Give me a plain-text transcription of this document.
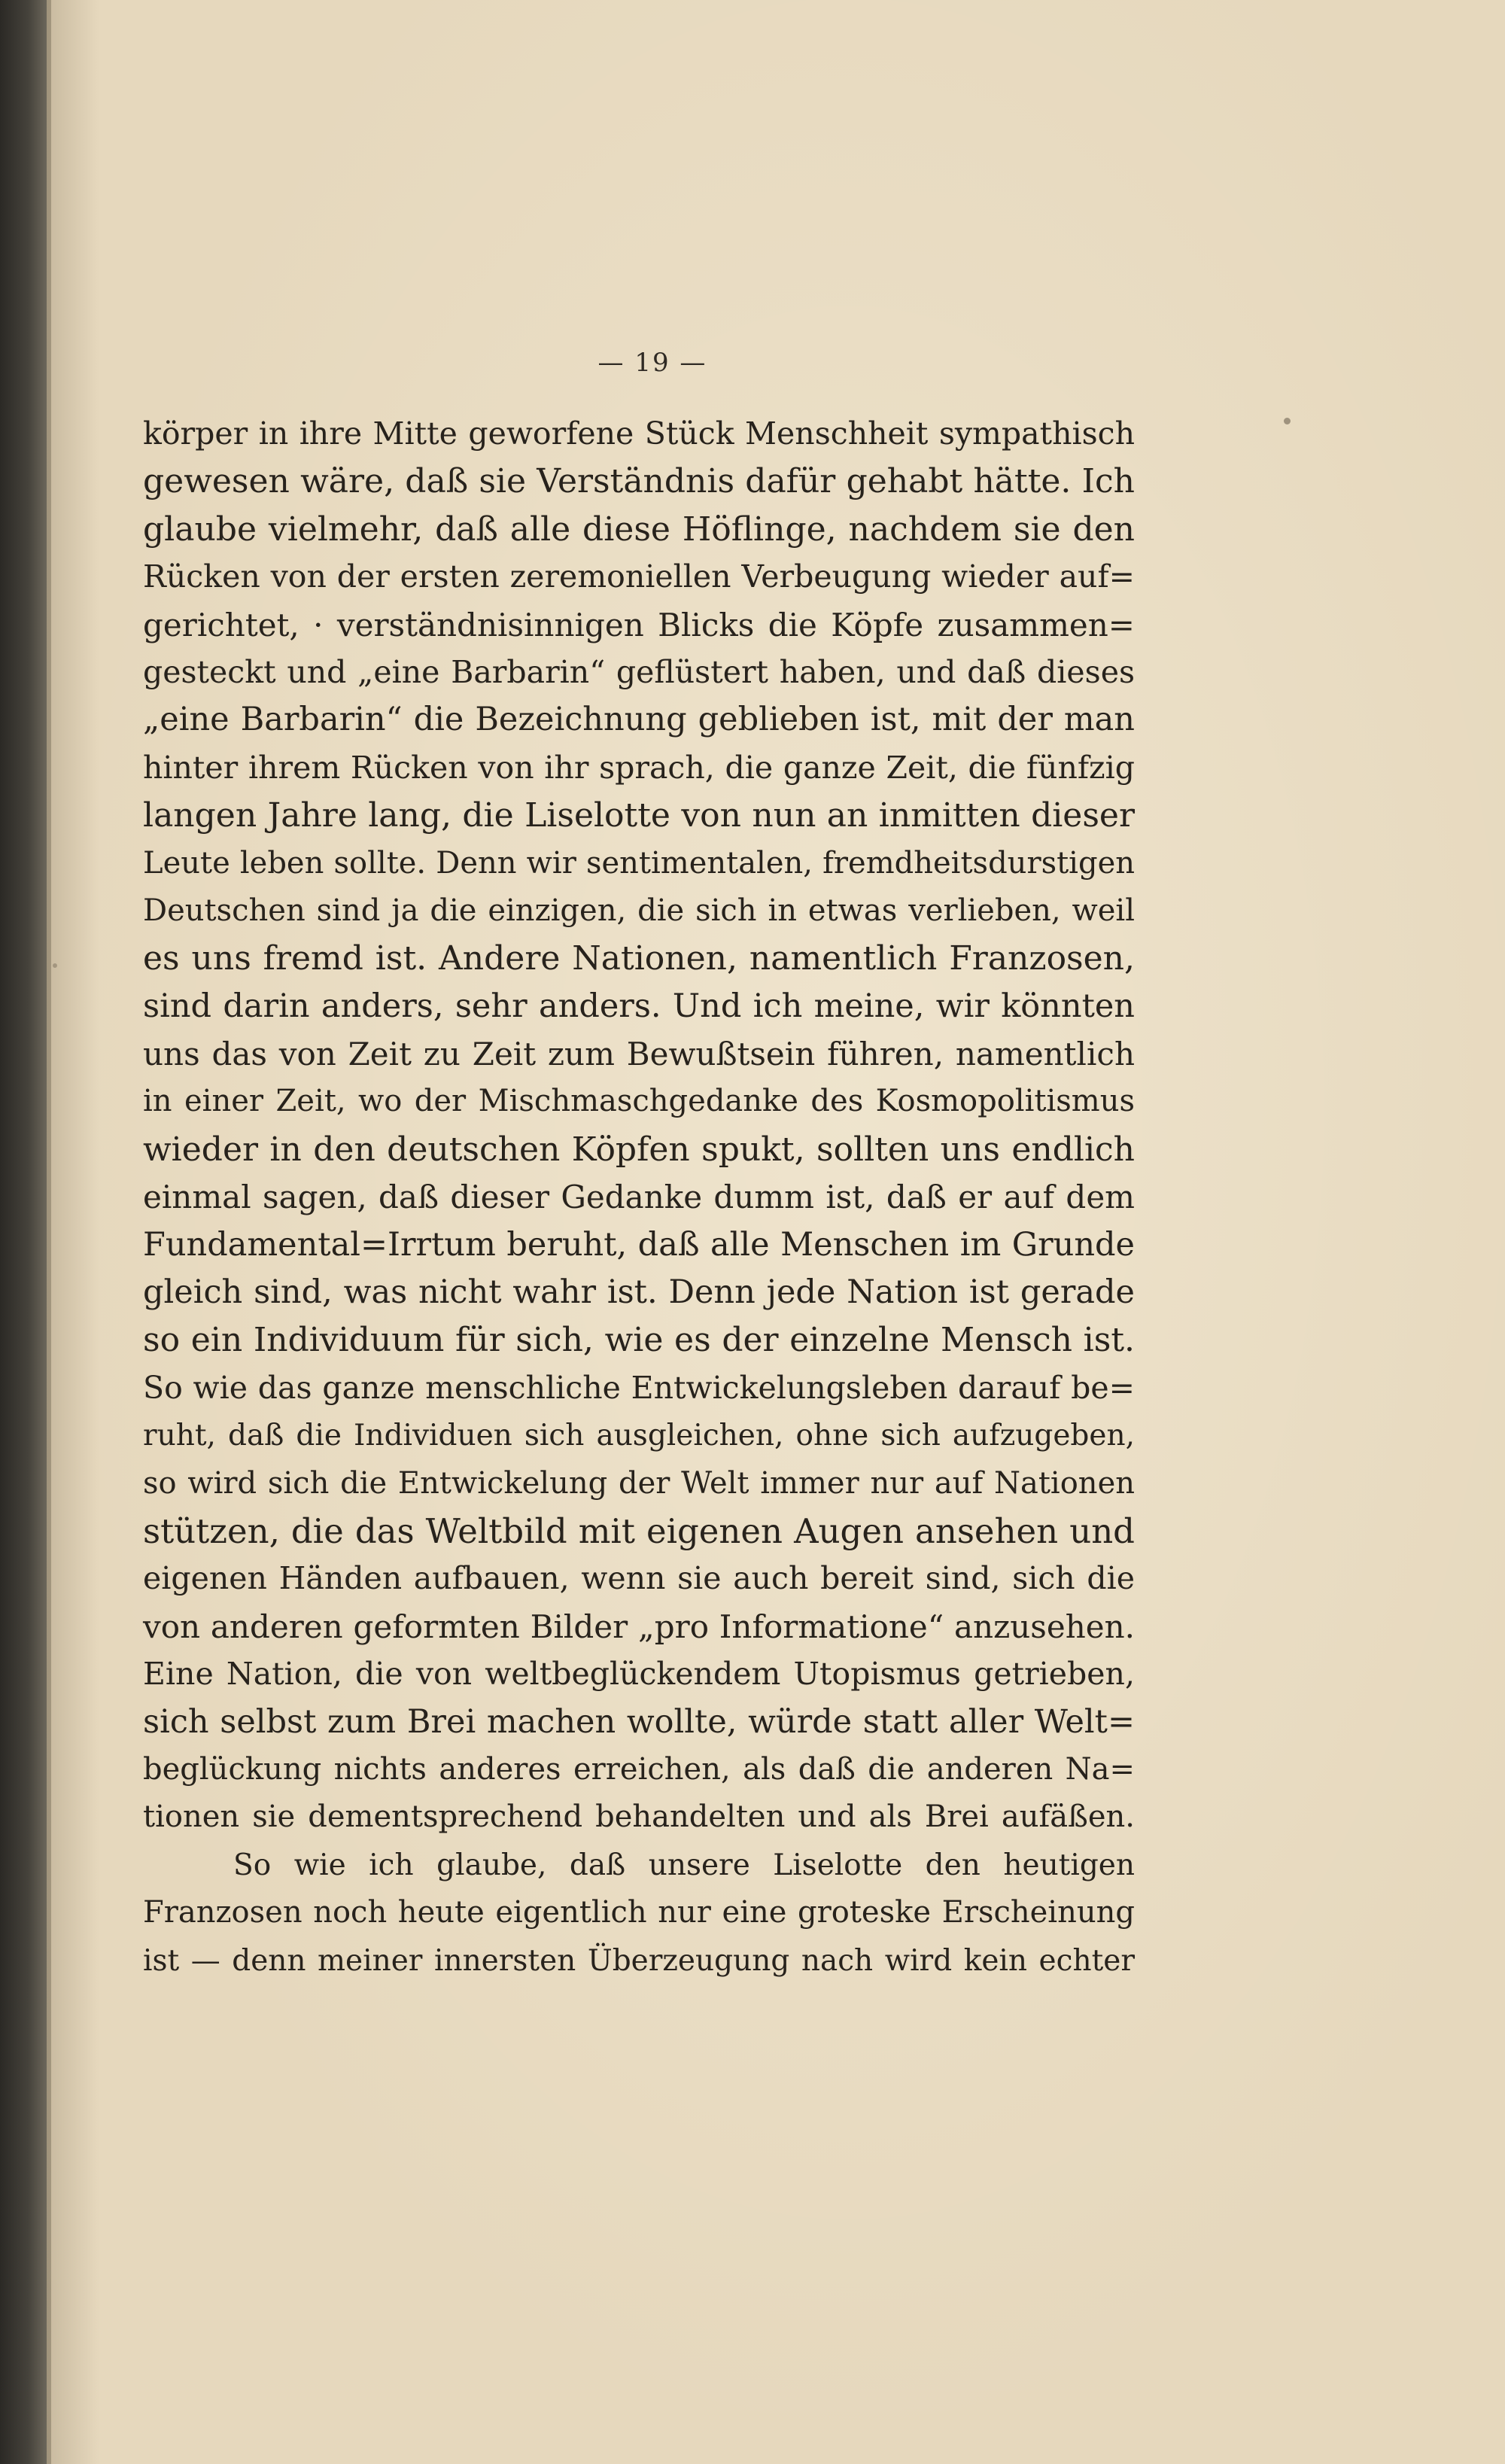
— 19 —
körper in ihre Mitte geworfene Stück Menschheit sympathisch
gewesen wäre, daß sie Verständnis dafür gehabt hätte. Ich
glaube vielmehr, daß alle diese Höflinge, nachdem sie den
Rücken von der ersten zeremoniellen Verbeugung wieder auf=
gerichtet, · verständnisinnigen Blicks die Köpfe zusammen=
gesteckt und „eine Barbarin“ geflüstert haben, und daß dieses
„eine Barbarin“ die Bezeichnung geblieben ist, mit der man
hinter ihrem Rücken von ihr sprach, die ganze Zeit, die fünfzig
langen Jahre lang, die Liselotte von nun an inmitten dieser
Leute leben sollte. Denn wir sentimentalen, fremdheitsdurstigen
Deutschen sind ja die einzigen, die sich in etwas verlieben, weil
es uns fremd ist. Andere Nationen, namentlich Franzosen,
sind darin anders, sehr anders. Und ich meine, wir könnten
uns das von Zeit zu Zeit zum Bewußtsein führen, namentlich
in einer Zeit, wo der Mischmaschgedanke des Kosmopolitismus
wieder in den deutschen Köpfen spukt, sollten uns endlich
einmal sagen, daß dieser Gedanke dumm ist, daß er auf dem
Fundamental=Irrtum beruht, daß alle Menschen im Grunde
gleich sind, was nicht wahr ist. Denn jede Nation ist gerade
so ein Individuum für sich, wie es der einzelne Mensch ist.
So wie das ganze menschliche Entwickelungsleben darauf be=
ruht, daß die Individuen sich ausgleichen, ohne sich aufzugeben,
so wird sich die Entwickelung der Welt immer nur auf Nationen
stützen, die das Weltbild mit eigenen Augen ansehen und
eigenen Händen aufbauen, wenn sie auch bereit sind, sich die
von anderen geformten Bilder „pro Informatione“ anzusehen.
Eine Nation, die von weltbeglückendem Utopismus getrieben,
sich selbst zum Brei machen wollte, würde statt aller Welt=
beglückung nichts anderes erreichen, als daß die anderen Na=
tionen sie dementsprechend behandelten und als Brei aufäßen.
So wie ich glaube, daß unsere Liselotte den heutigen
Franzosen noch heute eigentlich nur eine groteske Erscheinung
ist — denn meiner innersten Überzeugung nach wird kein echter
